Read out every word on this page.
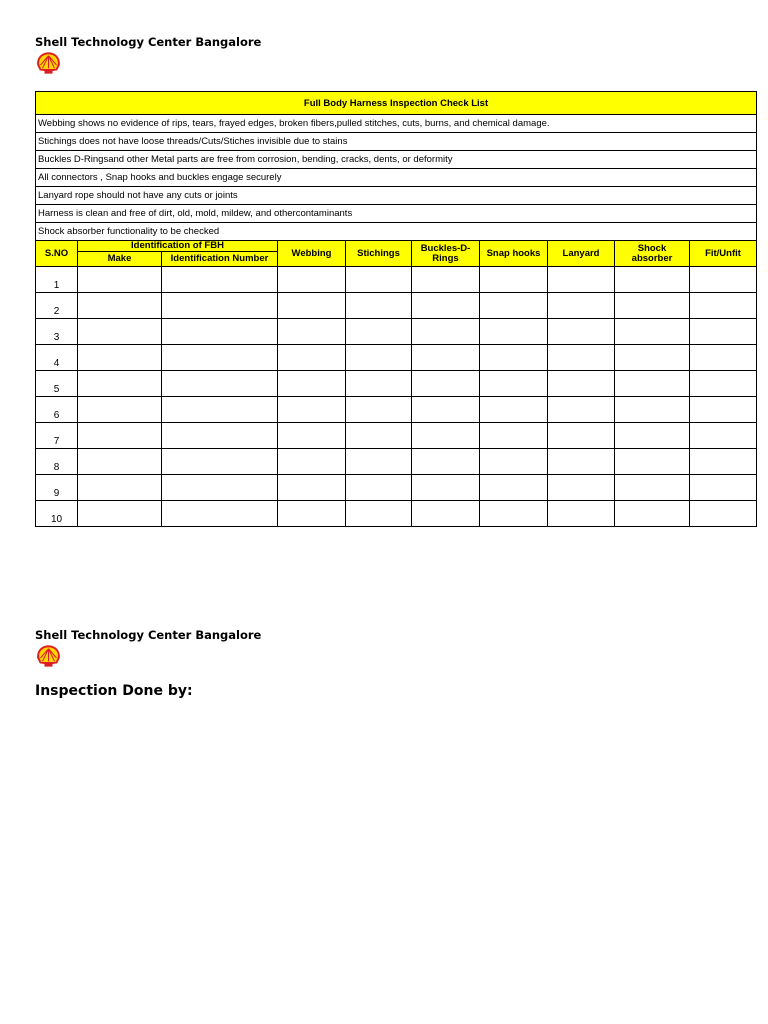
Shell Technology Center Bangalore
Full Body Harness Inspection Check List									
Webbing shows no evidence of rips, tears, frayed edges, broken fibers,pulled stitches, cuts, burns, and chemical damage.									
Stichings does not have loose threads/Cuts/Stiches invisible due to stains									
Buckles D-Ringsand other Metal parts are free from corrosion, bending, cracks, dents, or deformity									
All connectors , Snap hooks and buckles engage securely									
Lanyard rope should not have any cuts or joints									
Harness is clean and free of dirt, old, mold, mildew, and othercontaminants									
Shock absorber functionality to be checked									
S.NO	Identification of FBH		Webbing	Stichings	Buckles-D-Rings	Snap hooks	Lanyard	Shock absorber	Fit/Unfit
	Make	Identification Number							
1									
2									
3									
4									
5									
6									
7									
8									
9									
10									
Shell Technology Center Bangalore
Inspection Done by:
